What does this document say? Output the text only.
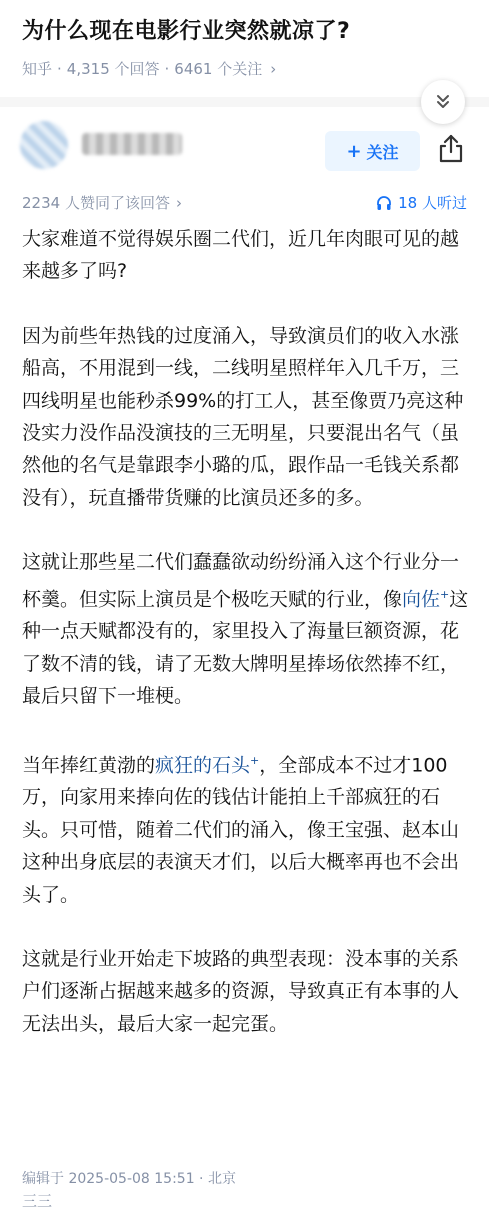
为什么现在电影行业突然就凉了?
知乎 · 4,315 个回答 · 6461 个关注 ›
+ 关注
2234 人赞同了该回答 ›	18 人听过

大家难道不觉得娱乐圈二代们，近几年肉眼可见的越来越多了吗?

因为前些年热钱的过度涌入，导致演员们的收入水涨船高，不用混到一线，二线明星照样年入几千万，三四线明星也能秒杀99%的打工人，甚至像贾乃亮这种没实力没作品没演技的三无明星，只要混出名气（虽然他的名气是靠跟李小璐的瓜，跟作品一毛钱关系都没有），玩直播带货赚的比演员还多的多。

这就让那些星二代们蠢蠢欲动纷纷涌入这个行业分一杯羹。但实际上演员是个极吃天赋的行业，像向佐+这种一点天赋都没有的，家里投入了海量巨额资源，花了数不清的钱，请了无数大牌明星捧场依然捧不红，最后只留下一堆梗。

当年捧红黄渤的疯狂的石头+，全部成本不过才100万，向家用来捧向佐的钱估计能拍上千部疯狂的石头。只可惜，随着二代们的涌入，像王宝强、赵本山这种出身底层的表演天才们，以后大概率再也不会出头了。

这就是行业开始走下坡路的典型表现：没本事的关系户们逐渐占据越来越多的资源，导致真正有本事的人无法出头，最后大家一起完蛋。

编辑于 2025-05-08 15:51 · 北京
三三
